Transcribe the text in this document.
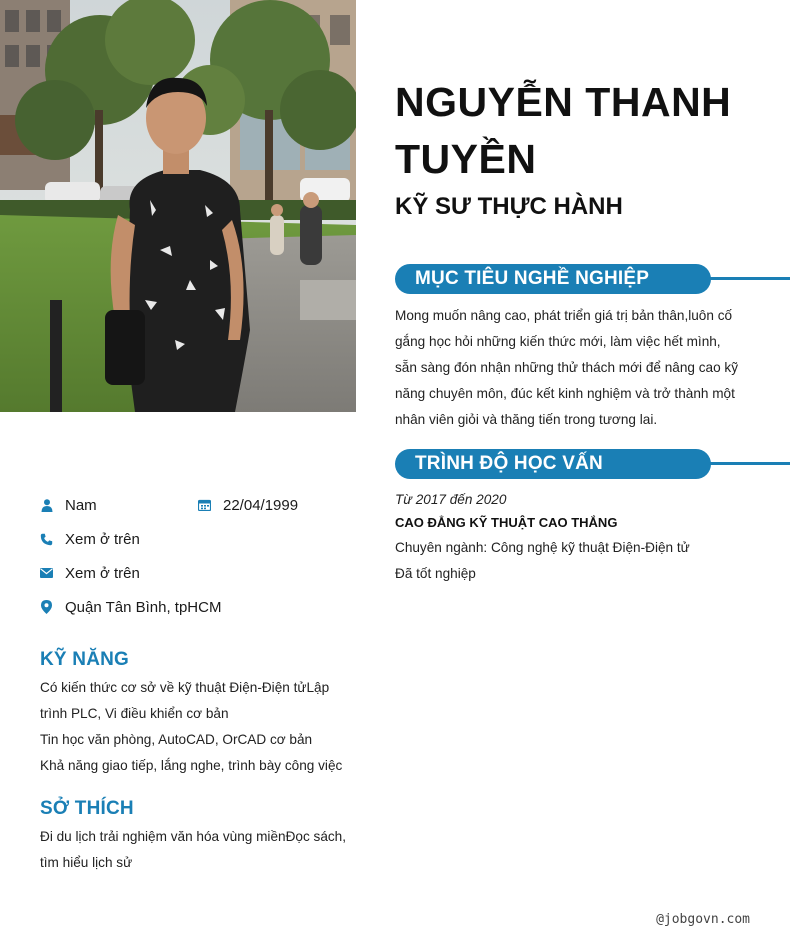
Nam	22/04/1999
Xem ở trên
Xem ở trên
Quận Tân Bình, tpHCM
KỸ NĂNG
Có kiến thức cơ sở về kỹ thuật Điện-Điện tửLập
trình PLC, Vi điều khiển cơ bản
Tin học văn phòng, AutoCAD, OrCAD cơ bản
Khả năng giao tiếp, lắng nghe, trình bày công việc
SỞ THÍCH
Đi du lịch trải nghiệm văn hóa vùng miềnĐọc sách,
tìm hiểu lịch sử
NGUYỄN THANH
TUYỀN
KỸ SƯ THỰC HÀNH
MỤC TIÊU NGHỀ NGHIỆP
Mong muốn nâng cao, phát triển giá trị bản thân,luôn cố
gắng học hỏi những kiến thức mới, làm việc hết mình,
sẵn sàng đón nhận những thử thách mới để nâng cao kỹ
năng chuyên môn, đúc kết kinh nghiệm và trở thành một
nhân viên giỏi và thăng tiến trong tương lai.
TRÌNH ĐỘ HỌC VẤN
Từ 2017 đến 2020
CAO ĐẲNG KỸ THUẬT CAO THẮNG
Chuyên ngành: Công nghệ kỹ thuật Điện-Điện tử
Đã tốt nghiệp
@jobgovn.com
